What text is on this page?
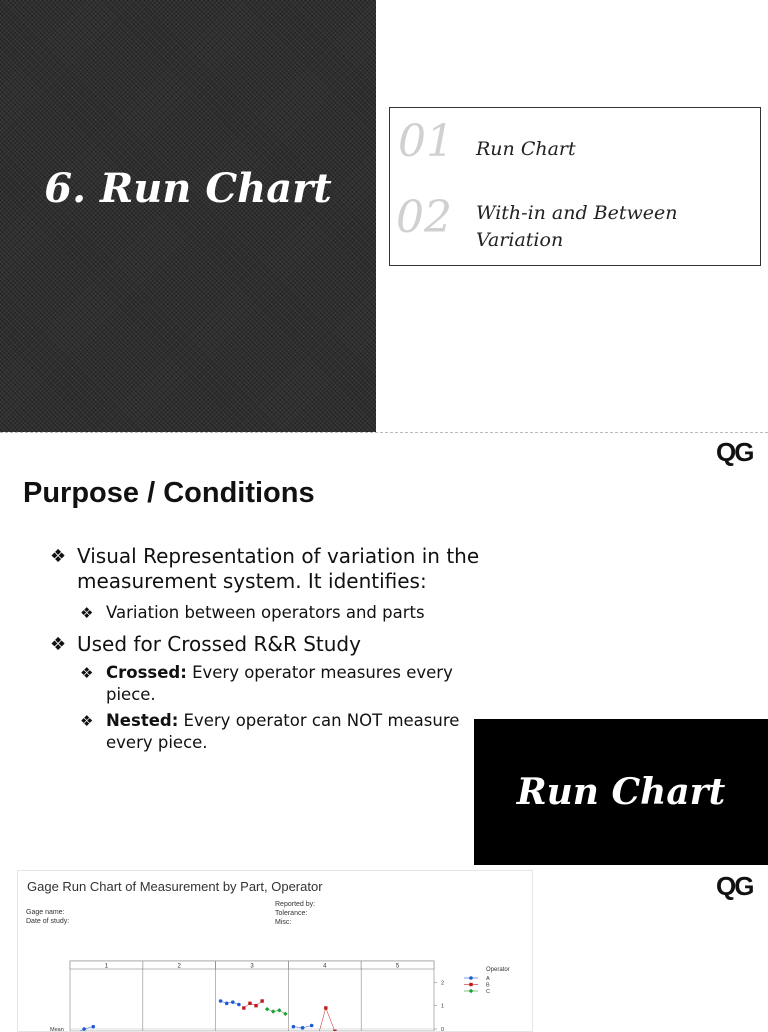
6. Run Chart
01 Run Chart
02 With-in and Between
Variation
QG
Purpose / Conditions
❖ Visual Representation of variation in the
measurement system. It identifies:
❖ Variation between operators and parts
❖ Used for Crossed R&R Study
❖ Crossed: Every operator measures every
piece.
❖ Nested: Every operator can NOT measure
every piece.
Run Chart
QG
Gage Run Chart of Measurement by Part, Operator
Gage name:
Date of study:
Reported by:
Tolerance:
Misc:
1	2	3	4	5
2
1
0
Mean
Operator
A
B
C
